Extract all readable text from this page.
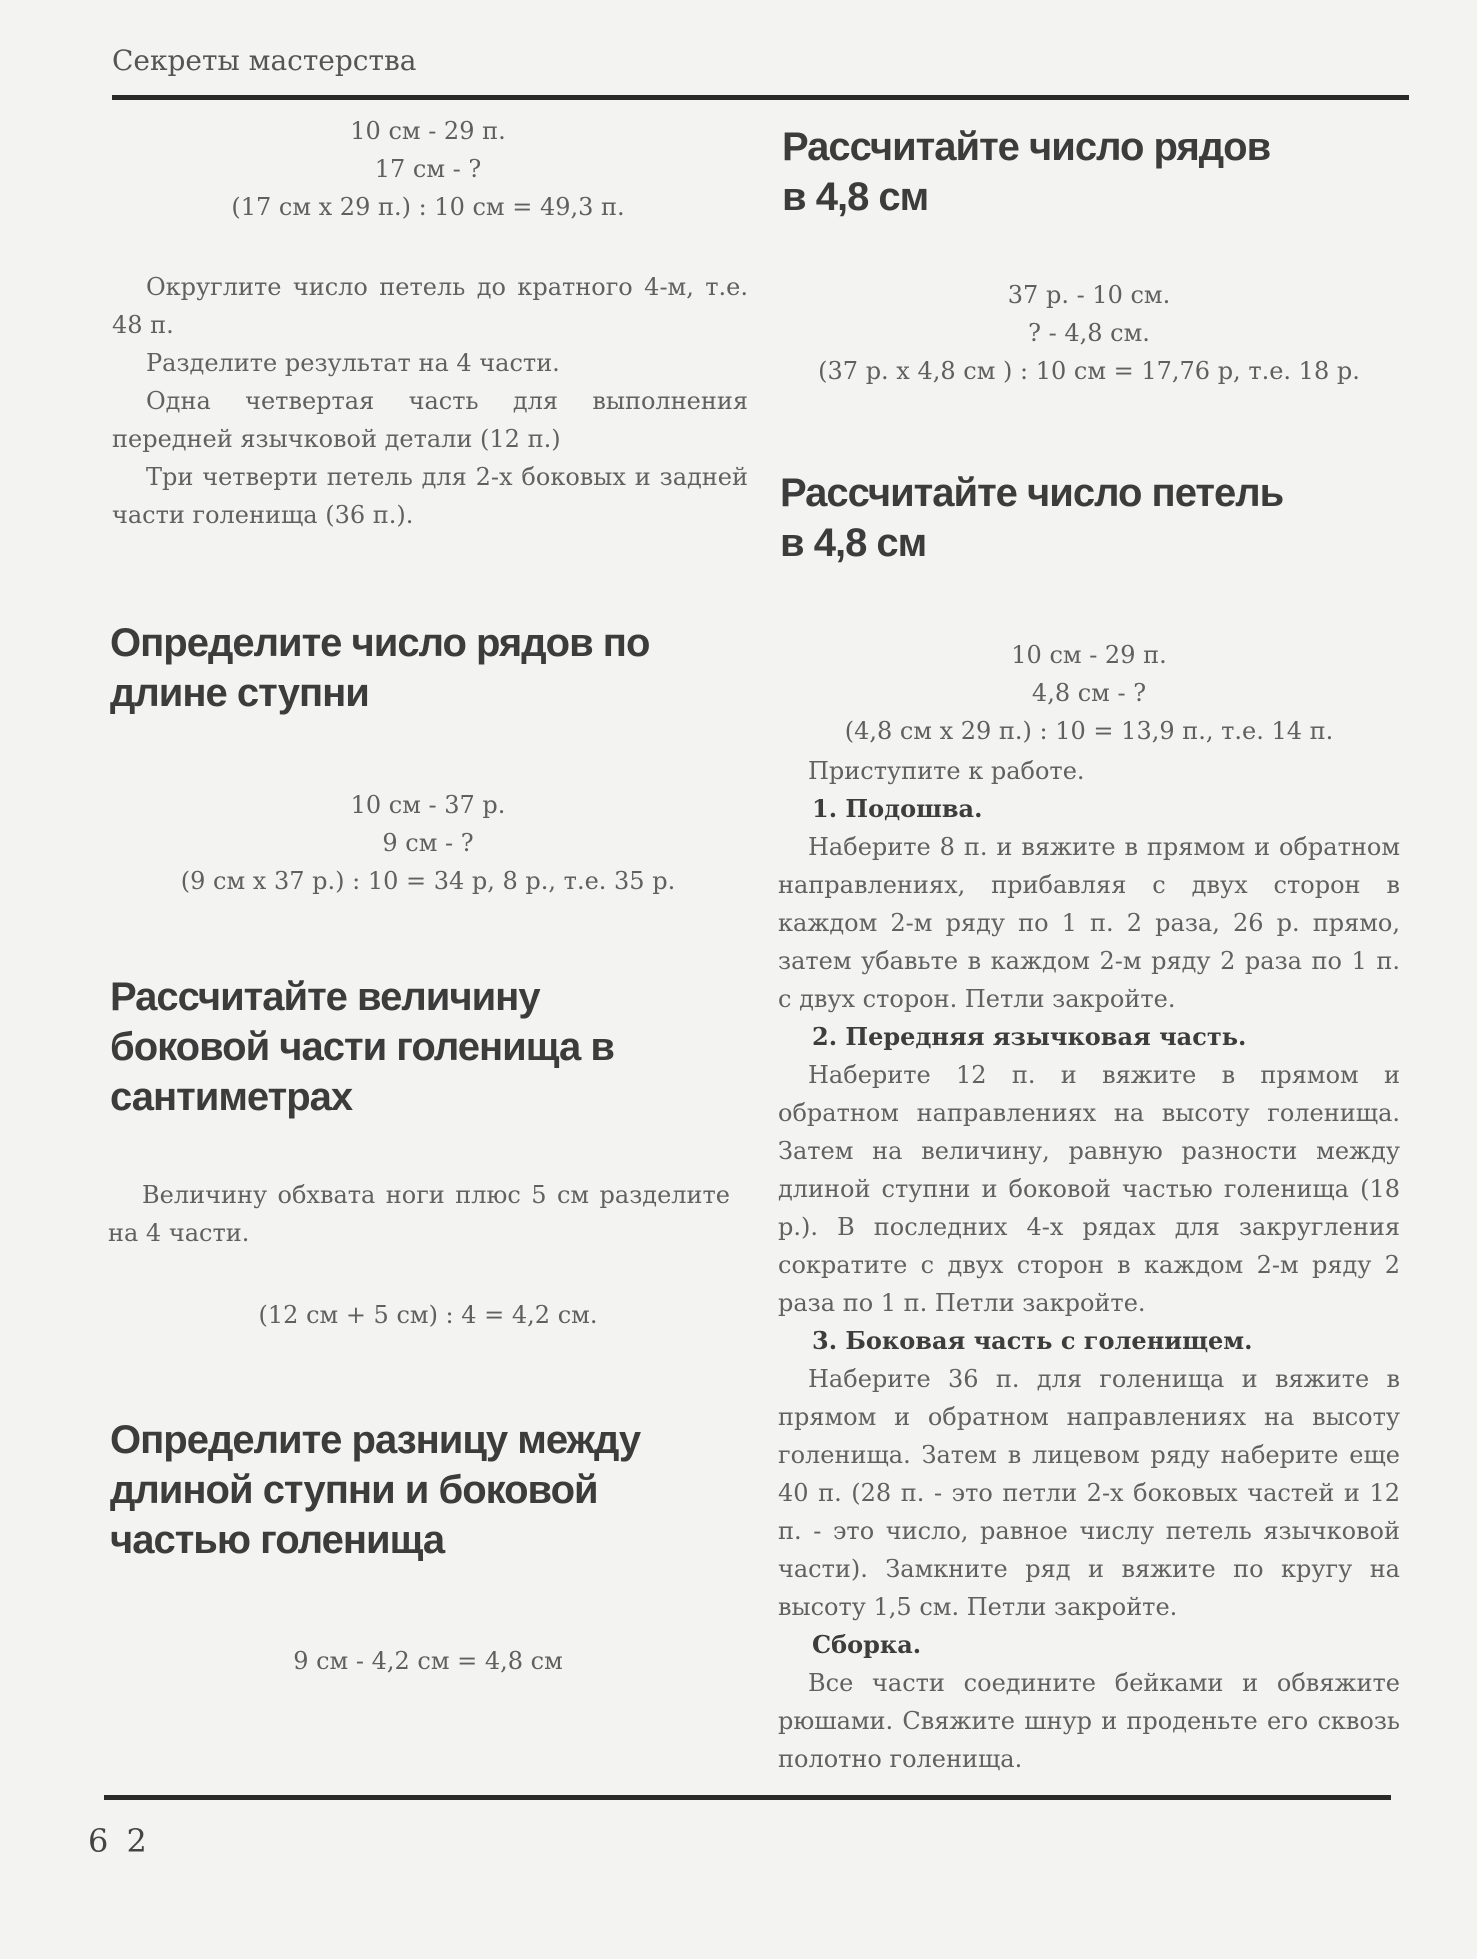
Секреты мастерства
10 см - 29 п.
17 см - ?
(17 см х 29 п.) : 10 см = 49,3 п.
Округлите число петель до кратного 4-м, т.е. 48 п.
Разделите результат на 4 части.
Одна четвертая часть для выполнения передней язычковой детали (12 п.)
Три четверти петель для 2-х боковых и задней части голенища (36 п.).
Определите число рядов по
длине ступни
10 см - 37 р.
9 см - ?
(9 см х 37 р.) : 10 = 34 р, 8 р., т.е. 35 р.
Рассчитайте величину
боковой части голенища в
сантиметрах
Величину обхвата ноги плюс 5 см разделите на 4 части.
(12 см + 5 см) : 4 = 4,2 см.
Определите разницу между
длиной ступни и боковой
частью голенища
9 см - 4,2 см = 4,8 см
Рассчитайте число рядов
в 4,8 см
37 р. - 10 см.
? - 4,8 см.
(37 р. х 4,8 см ) : 10 см = 17,76 р, т.е. 18 р.
Рассчитайте число петель
в 4,8 см
10 см - 29 п.
4,8 см - ?
(4,8 см х 29 п.) : 10 = 13,9 п., т.е. 14 п.
Приступите к работе.
1. Подошва.
Наберите 8 п. и вяжите в прямом и обратном направлениях, прибавляя с двух сторон в каждом 2-м ряду по 1 п. 2 раза, 26 р. прямо, затем убавьте в каждом 2-м ряду 2 раза по 1 п. с двух сторон. Петли закройте.
2. Передняя язычковая часть.
Наберите 12 п. и вяжите в прямом и обратном направлениях на высоту голенища. Затем на величину, равную разности между длиной ступни и боковой частью голенища (18 р.). В последних 4-х рядах для закругления сократите с двух сторон в каждом 2-м ряду 2 раза по 1 п. Петли закройте.
3. Боковая часть с голенищем.
Наберите 36 п. для голенища и вяжите в прямом и обратном направлениях на высоту голенища. Затем в лицевом ряду наберите еще 40 п. (28 п. - это петли 2-х боковых частей и 12 п. - это число, равное числу петель язычковой части). Замкните ряд и вяжите по кругу на высоту 1,5 см. Петли закройте.
Сборка.
Все части соедините бейками и обвяжите рюшами. Свяжите шнур и проденьте его сквозь полотно голенища.
6 2
